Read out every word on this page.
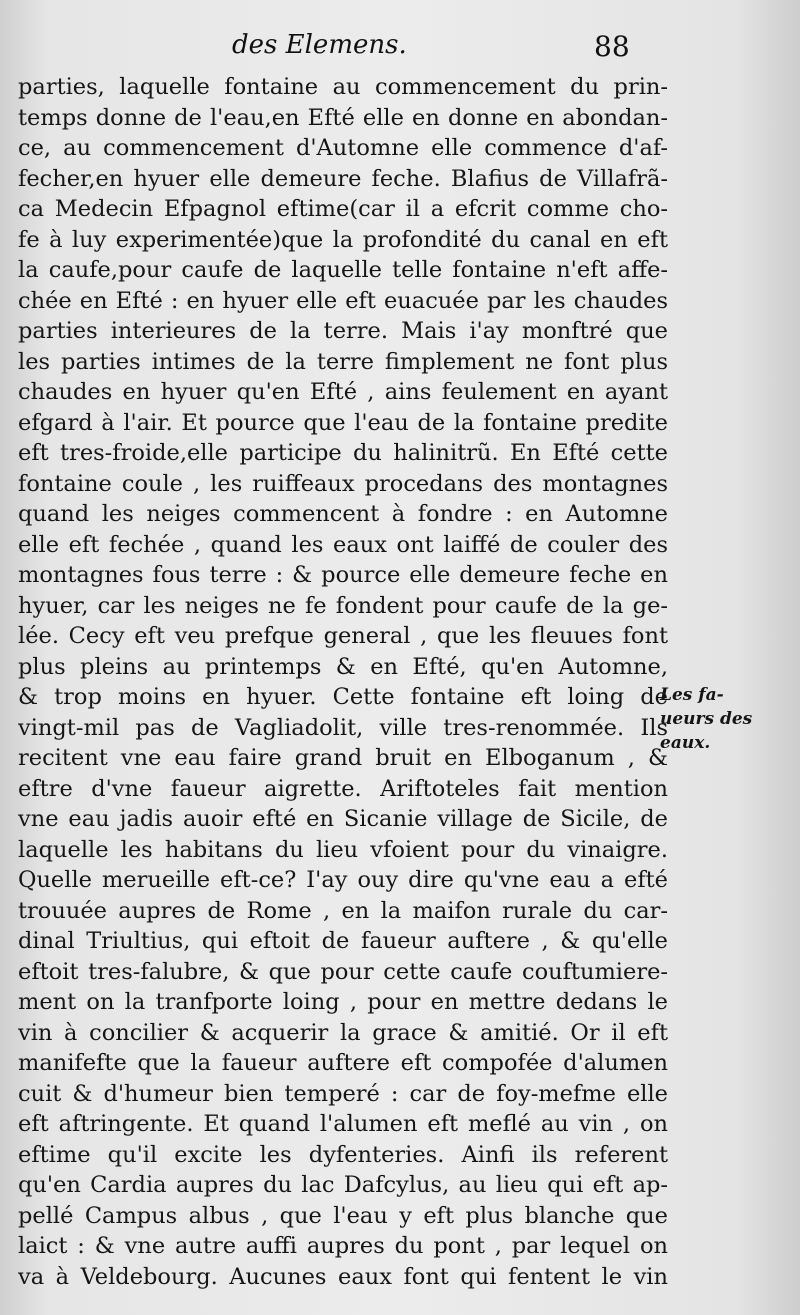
des Elemens.	88
parties, laquelle fontaine au commencement du prin-
temps donne de l'eau,en Efté elle en donne en abondan-
ce, au commencement d'Automne elle commence d'af-
fecher,en hyuer elle demeure feche. Blafius de Villafrã-
ca Medecin Efpagnol eftime(car il a efcrit comme cho-
fe à luy experimentée)que la profondité du canal en eft
la caufe,pour caufe de laquelle telle fontaine n'eft affe-
chée en Efté : en hyuer elle eft euacuée par les chaudes
parties interieures de la terre. Mais i'ay monftré que
les parties intimes de la terre fimplement ne font plus
chaudes en hyuer qu'en Efté , ains feulement en ayant
efgard à l'air. Et pource que l'eau de la fontaine predite
eft tres-froide,elle participe du halinitrũ. En Efté cette
fontaine coule , les ruiffeaux procedans des montagnes
quand les neiges commencent à fondre : en Automne
elle eft fechée , quand les eaux ont laiffé de couler des
montagnes fous terre : & pource elle demeure feche en
hyuer, car les neiges ne fe fondent pour caufe de la ge-
lée. Cecy eft veu prefque general , que les fleuues font
plus pleins au printemps & en Efté, qu'en Automne,
& trop moins en hyuer. Cette fontaine eft loing de
vingt-mil pas de Vagliadolit, ville tres-renommée. Ils
recitent vne eau faire grand bruit en Elboganum , &
eftre d'vne faueur aigrette. Ariftoteles fait mention
vne eau jadis auoir efté en Sicanie village de Sicile, de
laquelle les habitans du lieu vfoient pour du vinaigre.
Quelle merueille eft-ce? I'ay ouy dire qu'vne eau a efté
trouuée aupres de Rome , en la maifon rurale du car-
dinal Triultius, qui eftoit de faueur auftere , & qu'elle
eftoit tres-falubre, & que pour cette caufe couftumiere-
ment on la tranfporte loing , pour en mettre dedans le
vin à concilier & acquerir la grace & amitié. Or il eft
manifefte que la faueur auftere eft compofée d'alumen
cuit & d'humeur bien temperé : car de foy-mefme elle
eft aftringente. Et quand l'alumen eft meflé au vin , on
eftime qu'il excite les dyfenteries. Ainfi ils referent
qu'en Cardia aupres du lac Dafcylus, au lieu qui eft ap-
pellé Campus albus , que l'eau y eft plus blanche que
laict : & vne autre auffi aupres du pont , par lequel on
va à Veldebourg. Aucunes eaux font qui fentent le vin
Les fa-
ueurs des
eaux.
